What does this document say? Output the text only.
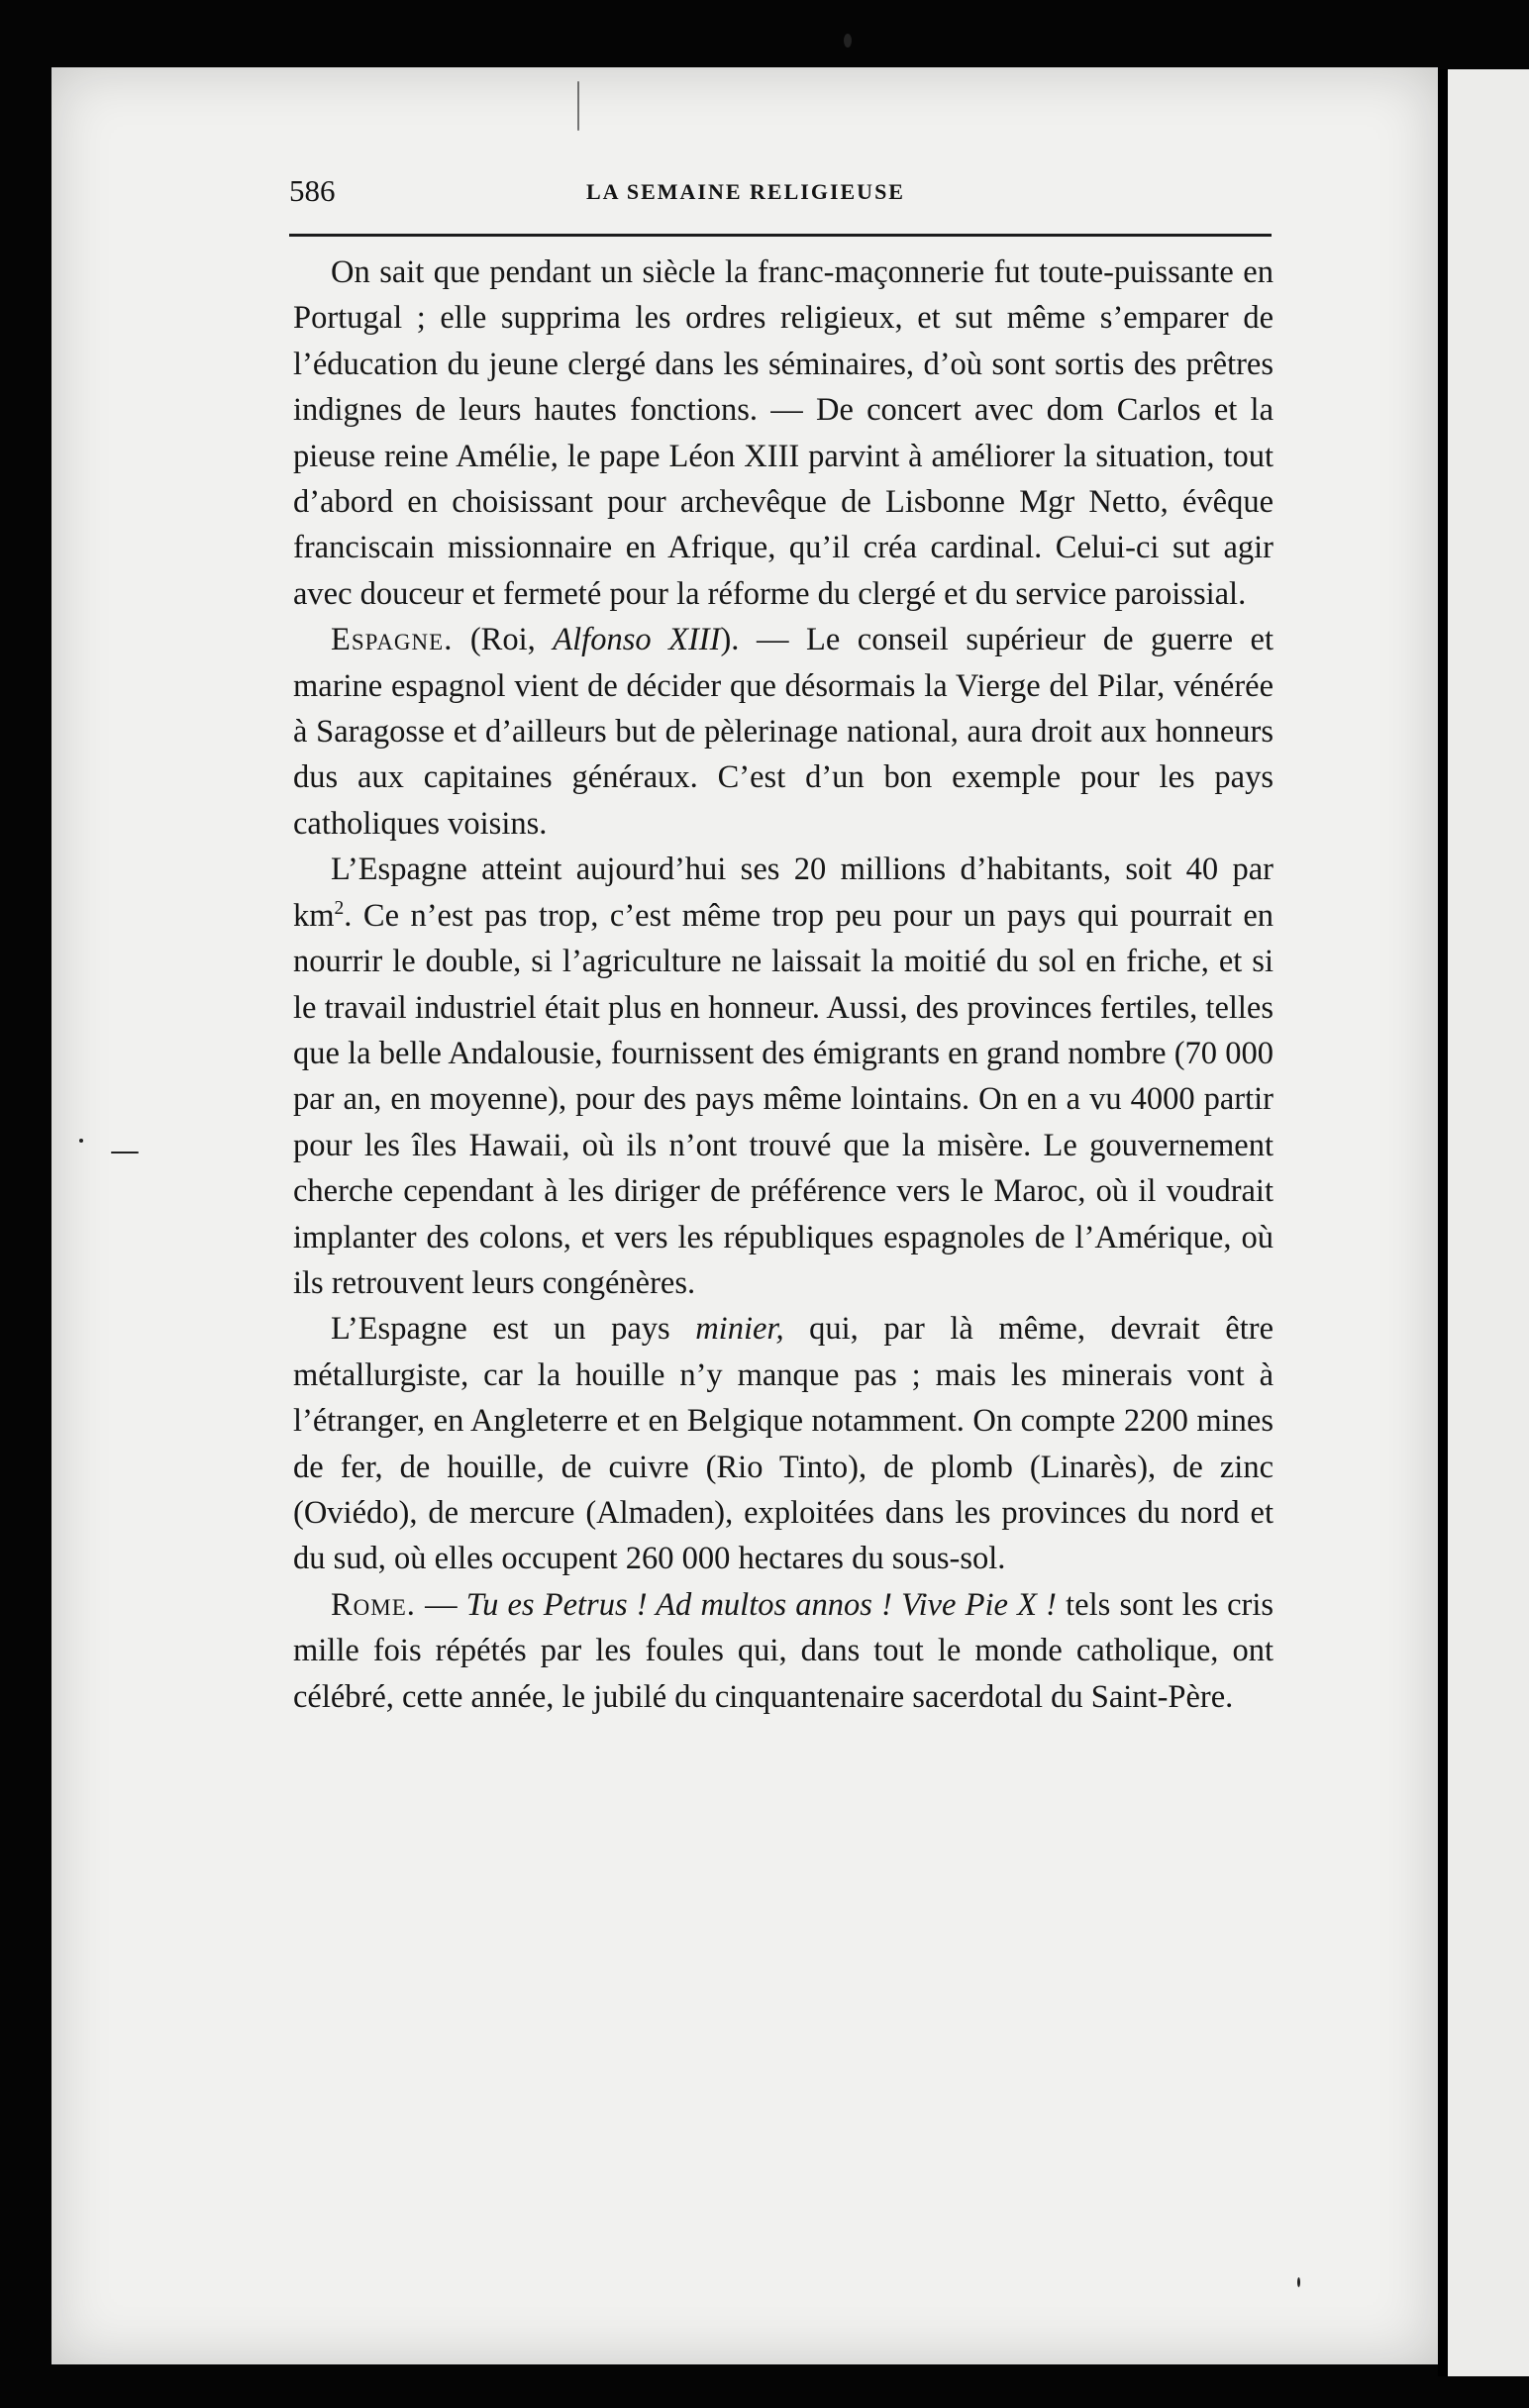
586	LA SEMAINE RELIGIEUSE

On sait que pendant un siècle la franc-maçonnerie fut toute-puissante en Portugal ; elle supprima les ordres religieux, et sut même s’emparer de l’éducation du jeune clergé dans les séminaires, d’où sont sortis des prêtres indignes de leurs hautes fonctions. — De concert avec dom Carlos et la pieuse reine Amélie, le pape Léon XIII parvint à améliorer la situation, tout d’abord en choisissant pour archevêque de Lisbonne Mgr Netto, évêque franciscain missionnaire en Afrique, qu’il créa cardinal. Celui-ci sut agir avec douceur et fermeté pour la réforme du clergé et du service paroissial.

Espagne. (Roi, Alfonso XIII). — Le conseil supérieur de guerre et marine espagnol vient de décider que désormais la Vierge del Pilar, vénérée à Saragosse et d’ailleurs but de pèlerinage national, aura droit aux honneurs dus aux capitaines généraux. C’est d’un bon exemple pour les pays catholiques voisins.

L’Espagne atteint aujourd’hui ses 20 millions d’habitants, soit 40 par $km^2$. Ce n’est pas trop, c’est même trop peu pour un pays qui pourrait en nourrir le double, si l’agriculture ne laissait la moitié du sol en friche, et si le travail industriel était plus en honneur. Aussi, des provinces fertiles, telles que la belle Andalousie, fournissent des émigrants en grand nombre (70 000 par an, en moyenne), pour des pays même lointains. On en a vu 4000 partir pour les îles Hawaii, où ils n’ont trouvé que la misère. Le gouvernement cherche cependant à les diriger de préférence vers le Maroc, où il voudrait implanter des colons, et vers les républiques espagnoles de l’Amérique, où ils retrouvent leurs congénères.

L’Espagne est un pays minier, qui, par là même, devrait être métallurgiste, car la houille n’y manque pas ; mais les minerais vont à l’étranger, en Angleterre et en Belgique notamment. On compte 2200 mines de fer, de houille, de cuivre (Rio Tinto), de plomb (Linarès), de zinc (Oviédo), de mercure (Almaden), exploitées dans les provinces du nord et du sud, où elles occupent 260 000 hectares du sous-sol.

Rome. — Tu es Petrus ! Ad multos annos ! Vive Pie X ! tels sont les cris mille fois répétés par les foules qui, dans tout le monde catholique, ont célébré, cette année, le jubilé du cinquantenaire sacerdotal du Saint-Père.
